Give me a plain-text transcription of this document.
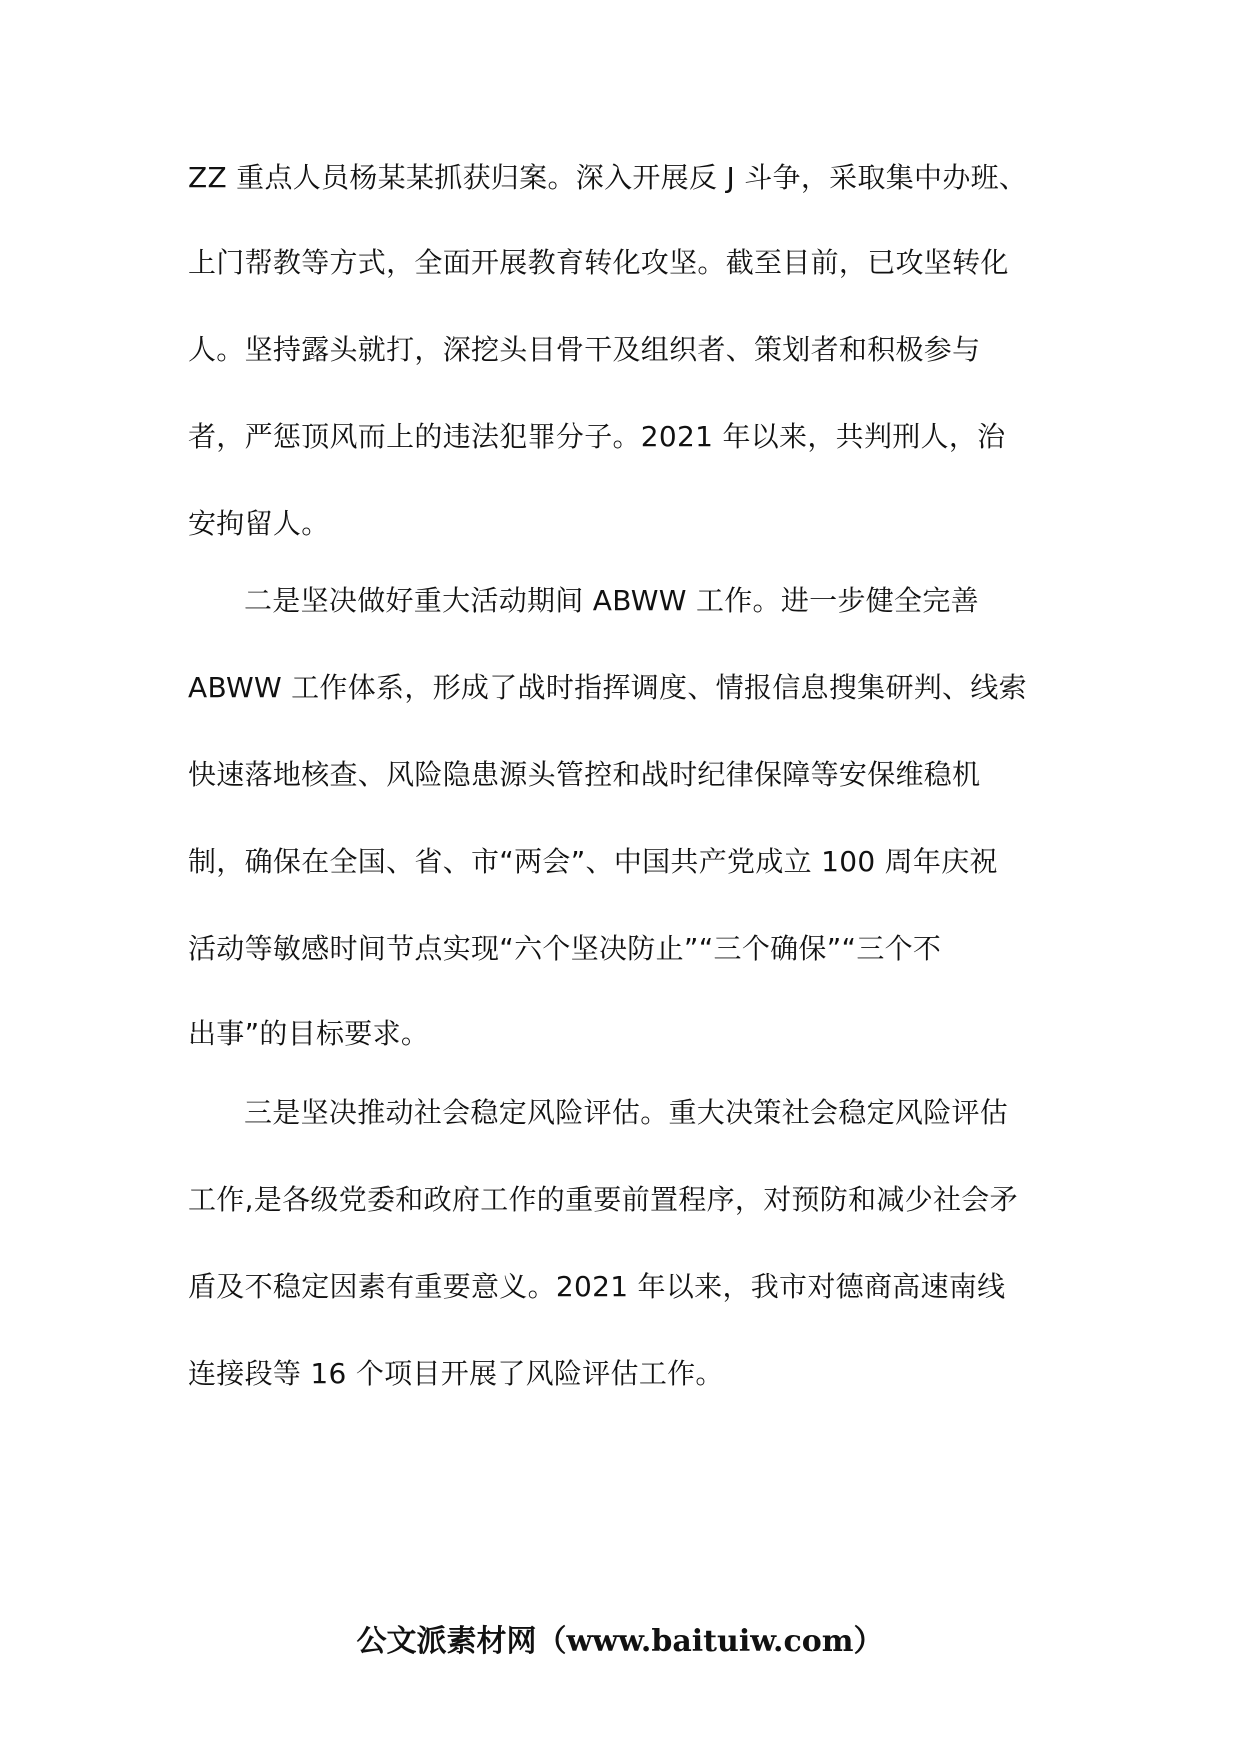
ZZ 重点人员杨某某抓获归案。深入开展反 J 斗争，采取集中办班、
上门帮教等方式，全面开展教育转化攻坚。截至目前，已攻坚转化
人。坚持露头就打，深挖头目骨干及组织者、策划者和积极参与
者，严惩顶风而上的违法犯罪分子。2021 年以来，共判刑人，治
安拘留人。
二是坚决做好重大活动期间 ABWW 工作。进一步健全完善
ABWW 工作体系，形成了战时指挥调度、情报信息搜集研判、线索
快速落地核查、风险隐患源头管控和战时纪律保障等安保维稳机
制，确保在全国、省、市“两会”、中国共产党成立 100 周年庆祝
活动等敏感时间节点实现“六个坚决防止”“三个确保”“三个不
出事”的目标要求。
三是坚决推动社会稳定风险评估。重大决策社会稳定风险评估
工作,是各级党委和政府工作的重要前置程序，对预防和减少社会矛
盾及不稳定因素有重要意义。2021 年以来，我市对德商高速南线
连接段等 16 个项目开展了风险评估工作。
公文派素材网（www.baituiw.com）
